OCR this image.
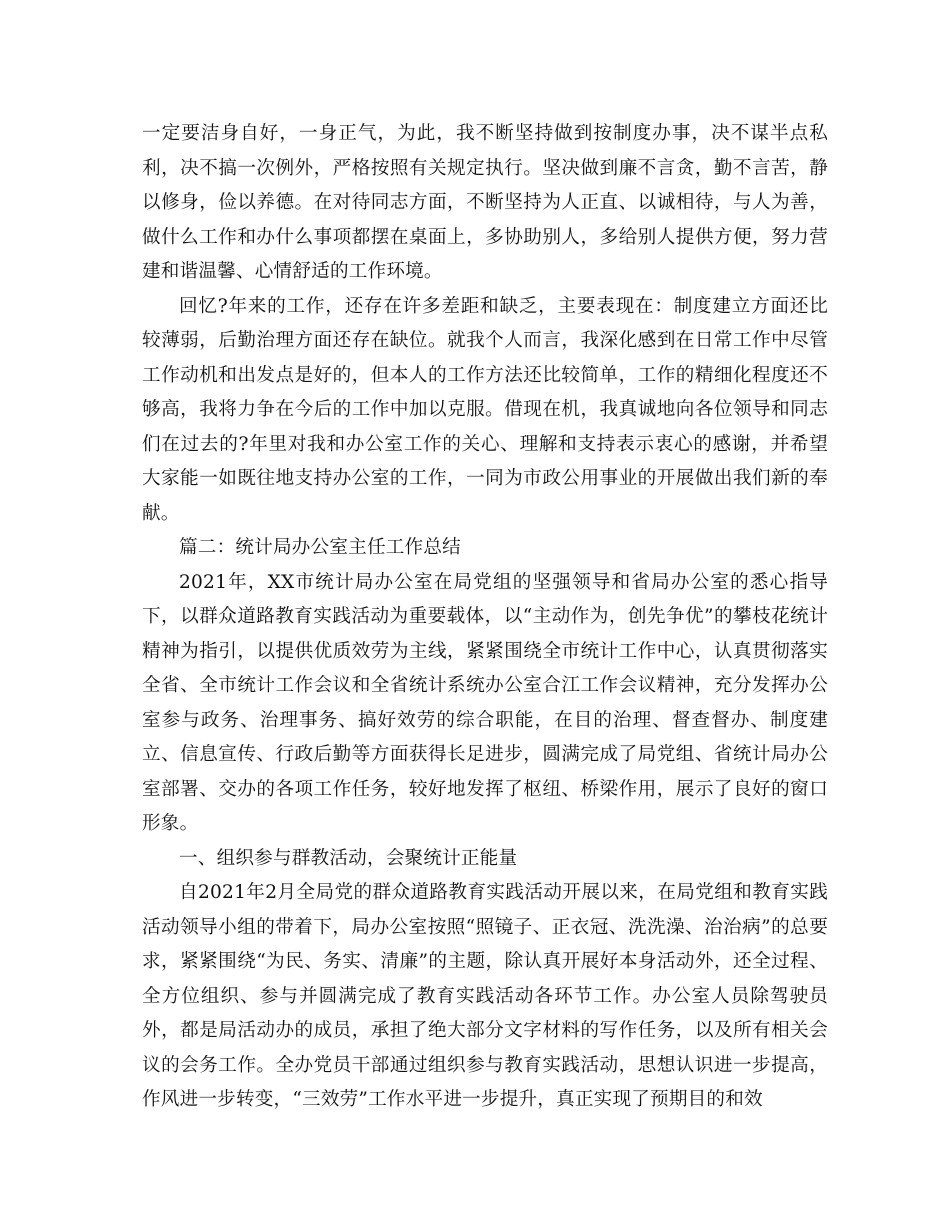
一定要洁身自好，一身正气，为此，我不断坚持做到按制度办事，决不谋半点私利，决不搞一次例外，严格按照有关规定执行。坚决做到廉不言贪，勤不言苦，静以修身，俭以养德。在对待同志方面，不断坚持为人正直、以诚相待，与人为善，做什么工作和办什么事项都摆在桌面上，多协助别人，多给别人提供方便，努力营建和谐温馨、心情舒适的工作环境。

回忆?年来的工作，还存在许多差距和缺乏，主要表现在：制度建立方面还比较薄弱，后勤治理方面还存在缺位。就我个人而言，我深化感到在日常工作中尽管工作动机和出发点是好的，但本人的工作方法还比较简单，工作的精细化程度还不够高，我将力争在今后的工作中加以克服。借现在机，我真诚地向各位领导和同志们在过去的?年里对我和办公室工作的关心、理解和支持表示衷心的感谢，并希望大家能一如既往地支持办公室的工作，一同为市政公用事业的开展做出我们新的奉献。

篇二：统计局办公室主任工作总结

2021年，XX市统计局办公室在局党组的坚强领导和省局办公室的悉心指导下，以群众道路教育实践活动为重要载体，以“主动作为，创先争优”的攀枝花统计精神为指引，以提供优质效劳为主线，紧紧围绕全市统计工作中心，认真贯彻落实全省、全市统计工作会议和全省统计系统办公室合江工作会议精神，充分发挥办公室参与政务、治理事务、搞好效劳的综合职能，在目的治理、督查督办、制度建立、信息宣传、行政后勤等方面获得长足进步，圆满完成了局党组、省统计局办公室部署、交办的各项工作任务，较好地发挥了枢纽、桥梁作用，展示了良好的窗口形象。

一、组织参与群教活动，会聚统计正能量

自2021年2月全局党的群众道路教育实践活动开展以来，在局党组和教育实践活动领导小组的带着下，局办公室按照“照镜子、正衣冠、洗洗澡、治治病”的总要求，紧紧围绕“为民、务实、清廉”的主题，除认真开展好本身活动外，还全过程、全方位组织、参与并圆满完成了教育实践活动各环节工作。办公室人员除驾驶员外，都是局活动办的成员，承担了绝大部分文字材料的写作任务，以及所有相关会议的会务工作。全办党员干部通过组织参与教育实践活动，思想认识进一步提高，作风进一步转变，“三效劳”工作水平进一步提升，真正实现了预期目的和效
